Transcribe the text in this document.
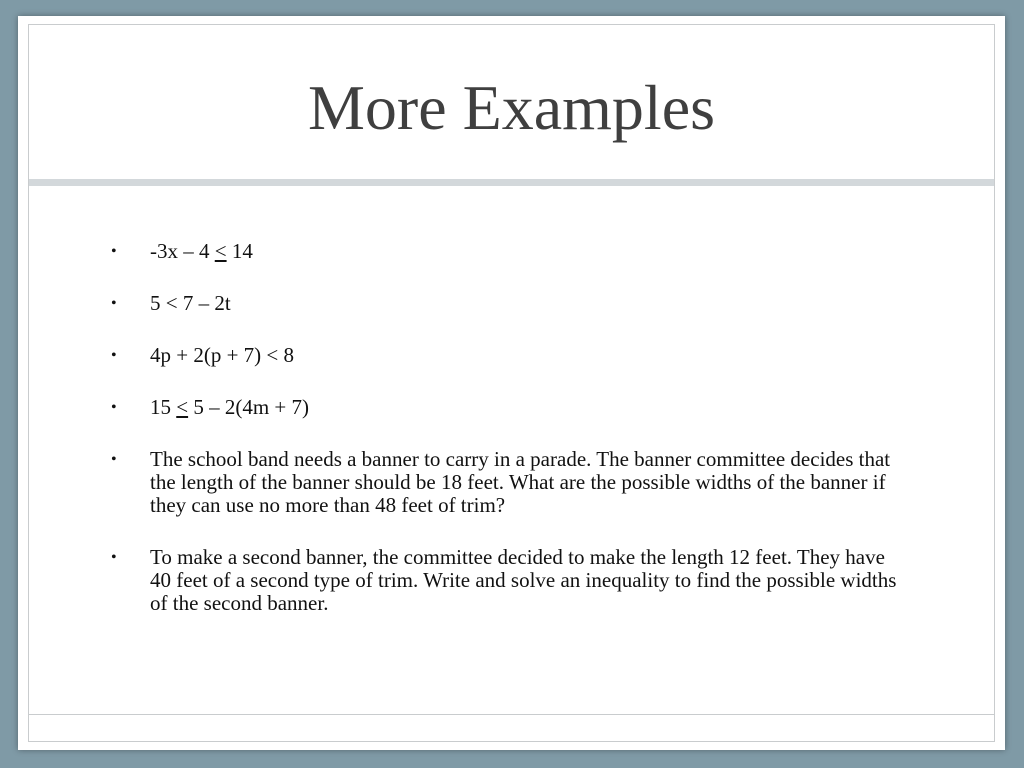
More Examples
• -3x – 4 ≤ 14
• 5 < 7 – 2t
• 4p + 2(p + 7) < 8
• 15 ≤ 5 – 2(4m + 7)
• The school band needs a banner to carry in a parade. The banner committee decides that the length of the banner should be 18 feet. What are the possible widths of the banner if they can use no more than 48 feet of trim?
• To make a second banner, the committee decided to make the length 12 feet. They have 40 feet of a second type of trim. Write and solve an inequality to find the possible widths of the second banner.
